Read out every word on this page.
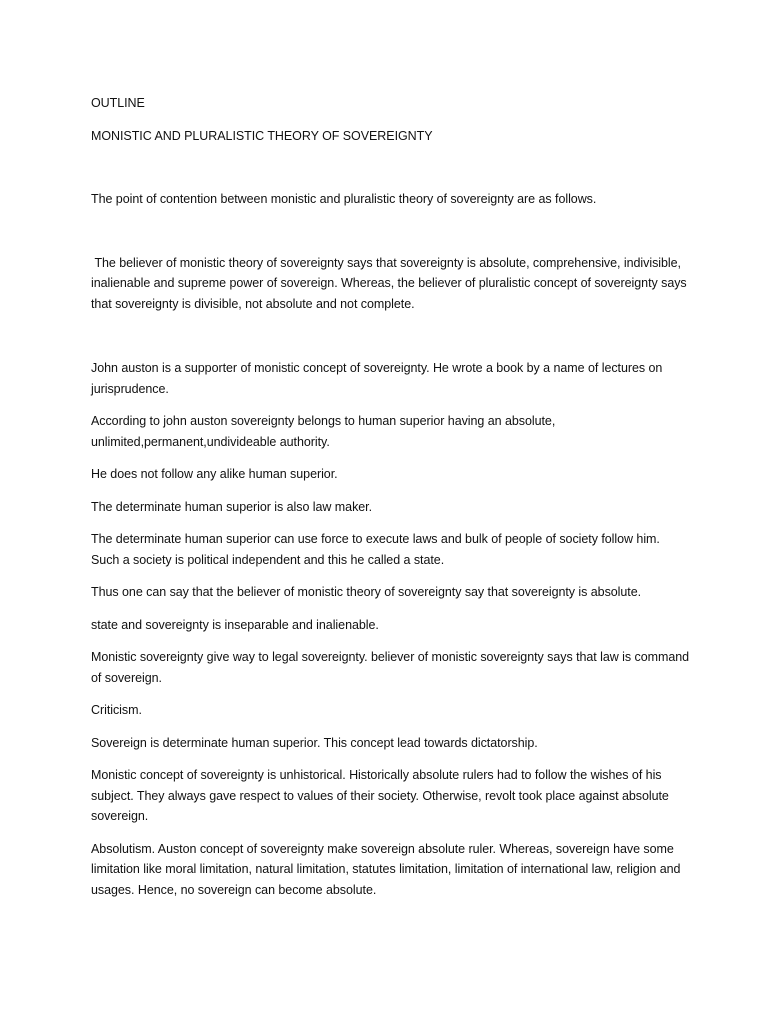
OUTLINE

MONISTIC AND PLURALISTIC THEORY OF SOVEREIGNTY

The point of contention between monistic and pluralistic theory of sovereignty are as follows.

The believer of monistic theory of sovereignty says that sovereignty is absolute, comprehensive, indivisible, inalienable and supreme power of sovereign. Whereas, the believer of pluralistic concept of sovereignty says that sovereignty is divisible, not absolute and not complete.

John auston is a supporter of monistic concept of sovereignty. He wrote a book by a name of lectures on jurisprudence.

According to john auston sovereignty belongs to human superior having an absolute, unlimited,permanent,undivideable authority.

He does not follow any alike human superior.

The determinate human superior is also law maker.

The determinate human superior can use force to execute laws and bulk of people of society follow him. Such a society is political independent and this he called a state.

Thus one can say that the believer of monistic theory of sovereignty say that sovereignty is absolute.

state and sovereignty is inseparable and inalienable.

Monistic sovereignty give way to legal sovereignty. believer of monistic sovereignty says that law is command of sovereign.

Criticism.

Sovereign is determinate human superior. This concept lead towards dictatorship.

Monistic concept of sovereignty is unhistorical. Historically absolute rulers had to follow the wishes of his subject. They always gave respect to values of their society. Otherwise, revolt took place against absolute sovereign.

Absolutism. Auston concept of sovereignty make sovereign absolute ruler. Whereas, sovereign have some limitation like moral limitation, natural limitation, statutes limitation, limitation of international law, religion and usages. Hence, no sovereign can become absolute.
